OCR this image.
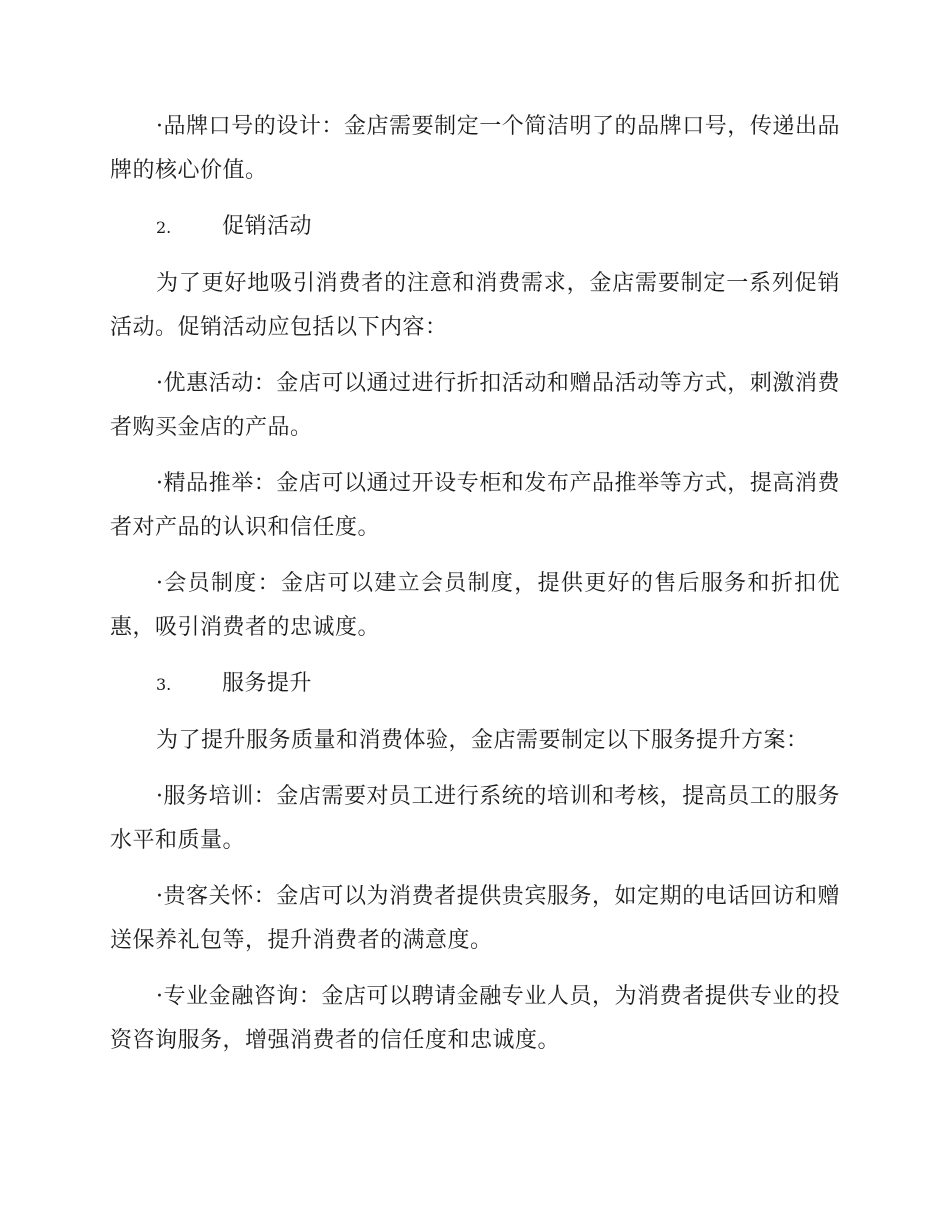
·品牌口号的设计：金店需要制定一个简洁明了的品牌口号，传递出品牌的核心价值。

2.	促销活动

为了更好地吸引消费者的注意和消费需求，金店需要制定一系列促销活动。促销活动应包括以下内容：

·优惠活动：金店可以通过进行折扣活动和赠品活动等方式，刺激消费者购买金店的产品。

·精品推举：金店可以通过开设专柜和发布产品推举等方式，提高消费者对产品的认识和信任度。

·会员制度：金店可以建立会员制度，提供更好的售后服务和折扣优惠，吸引消费者的忠诚度。

3.	服务提升

为了提升服务质量和消费体验，金店需要制定以下服务提升方案：

·服务培训：金店需要对员工进行系统的培训和考核，提高员工的服务水平和质量。

·贵客关怀：金店可以为消费者提供贵宾服务，如定期的电话回访和赠送保养礼包等，提升消费者的满意度。

·专业金融咨询：金店可以聘请金融专业人员，为消费者提供专业的投资咨询服务，增强消费者的信任度和忠诚度。
